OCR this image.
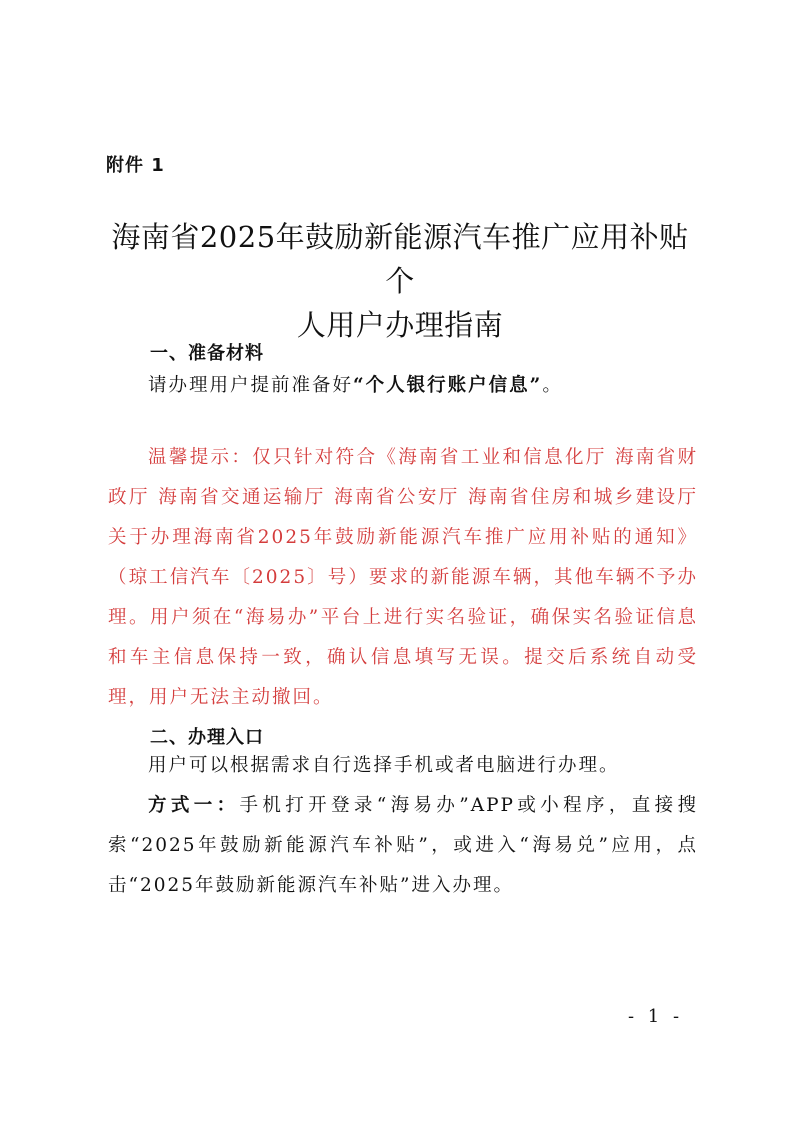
附件 1
海南省2025年鼓励新能源汽车推广应用补贴个
人用户办理指南
一、准备材料
请办理用户提前准备好“个人银行账户信息”。
温馨提示：仅只针对符合《海南省工业和信息化厅 海南省财政厅 海南省交通运输厅 海南省公安厅 海南省住房和城乡建设厅关于办理海南省2025年鼓励新能源汽车推广应用补贴的通知》（琼工信汽车〔2025〕号）要求的新能源车辆，其他车辆不予办理。用户须在“海易办”平台上进行实名验证，确保实名验证信息和车主信息保持一致，确认信息填写无误。提交后系统自动受理，用户无法主动撤回。
二、办理入口
用户可以根据需求自行选择手机或者电脑进行办理。
方式一：手机打开登录“海易办”APP或小程序，直接搜索“2025年鼓励新能源汽车补贴”，或进入“海易兑”应用，点击“2025年鼓励新能源汽车补贴”进入办理。
- 1 -
